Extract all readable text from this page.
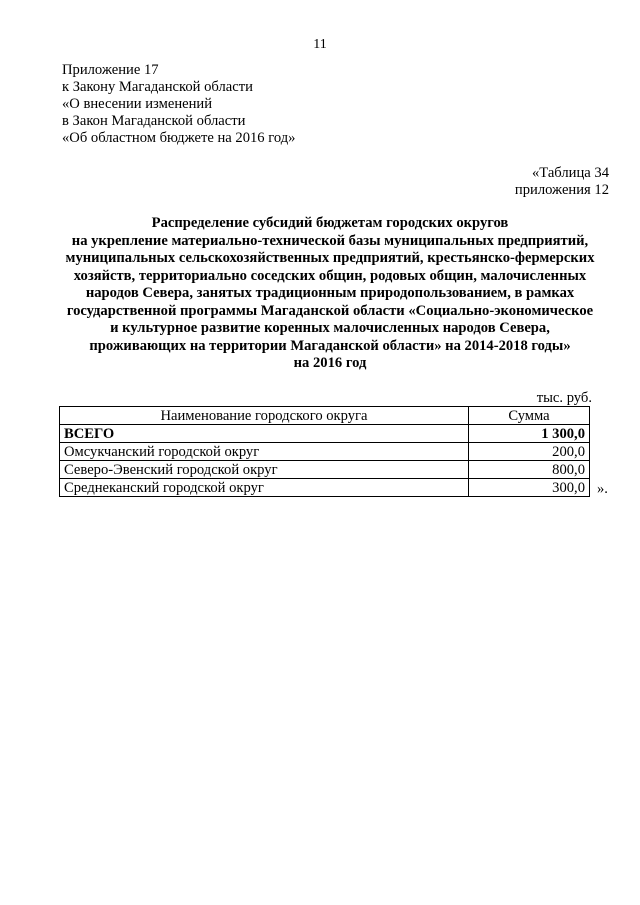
11
Приложение 17
к Закону Магаданской области
«О внесении изменений
в Закон Магаданской области
«Об областном бюджете на 2016 год»
«Таблица 34
приложения 12
Распределение субсидий бюджетам городских округов
на укрепление материально-технической базы муниципальных предприятий,
муниципальных сельскохозяйственных предприятий, крестьянско-фермерских
хозяйств, территориально соседских общин, родовых общин, малочисленных
народов Севера, занятых традиционным природопользованием, в рамках
государственной программы Магаданской области «Социально-экономическое
и культурное развитие коренных малочисленных народов Севера,
проживающих на территории Магаданской области» на 2014-2018 годы»
на 2016 год
тыс. руб.
Наименование городского округа	Сумма
ВСЕГО	1 300,0
Омсукчанский городской округ	200,0
Северо-Эвенский городской округ	800,0
Среднеканский городской округ	300,0 ».
